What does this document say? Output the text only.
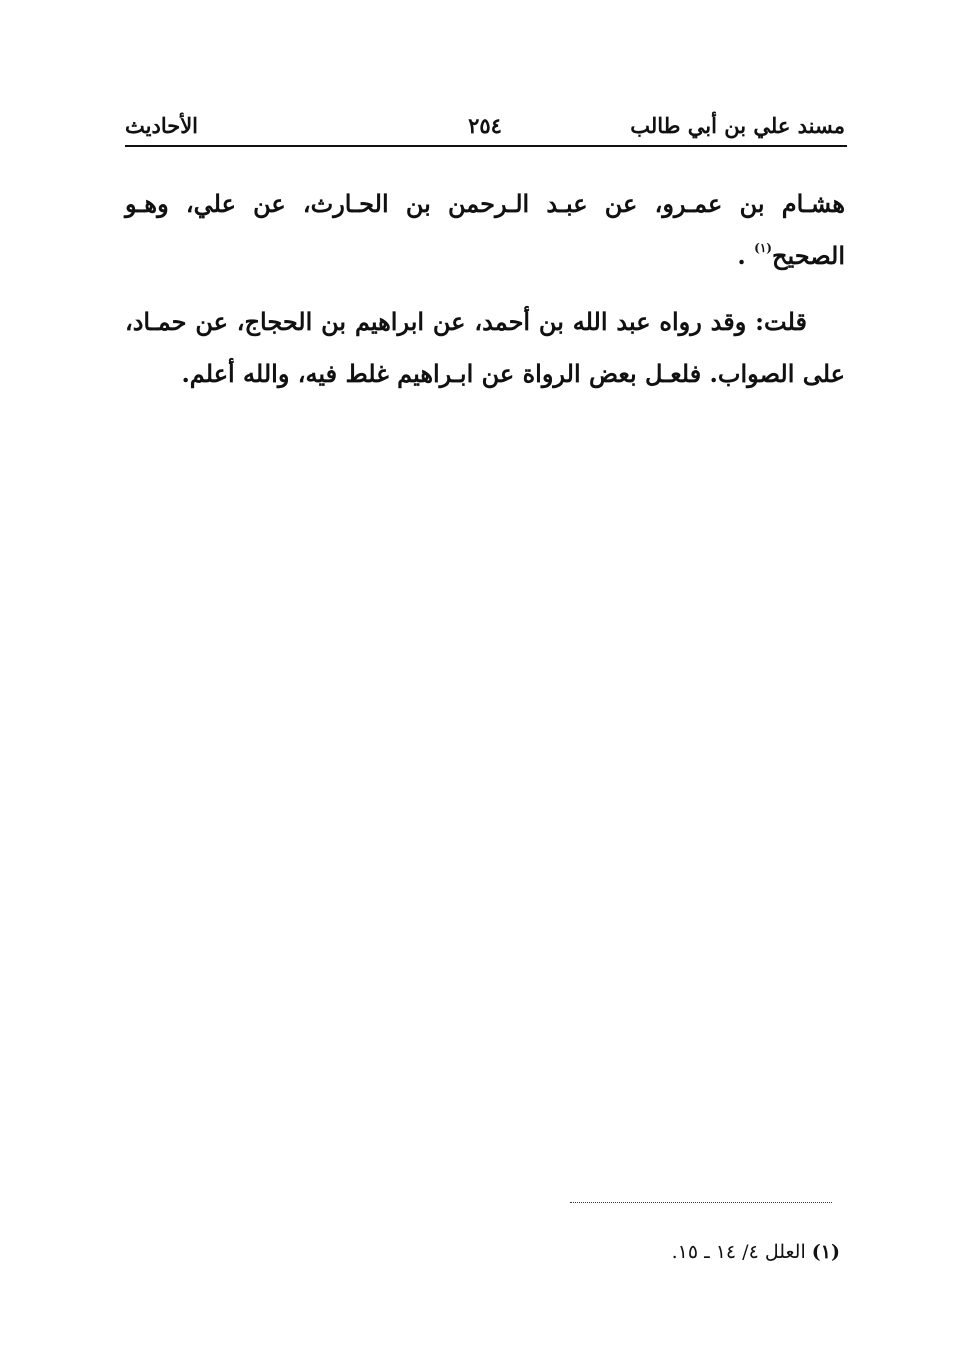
مسند علي بن أبي طالب
٢٥٤
الأحاديث

هشـام بن عمـرو، عن عبـد الـرحمن بن الحـارث، عن علي، وهـو الصحيح$^{(١)}$ .

قلت: وقد رواه عبد الله بن أحمد، عن ابراهيم بن الحجاج، عن حمـاد، على الصواب. فلعـل بعض الرواة عن ابـراهيم غلط فيه، والله أعلم.

(١) العلل ٤/ ١٤ ـ ١٥.
